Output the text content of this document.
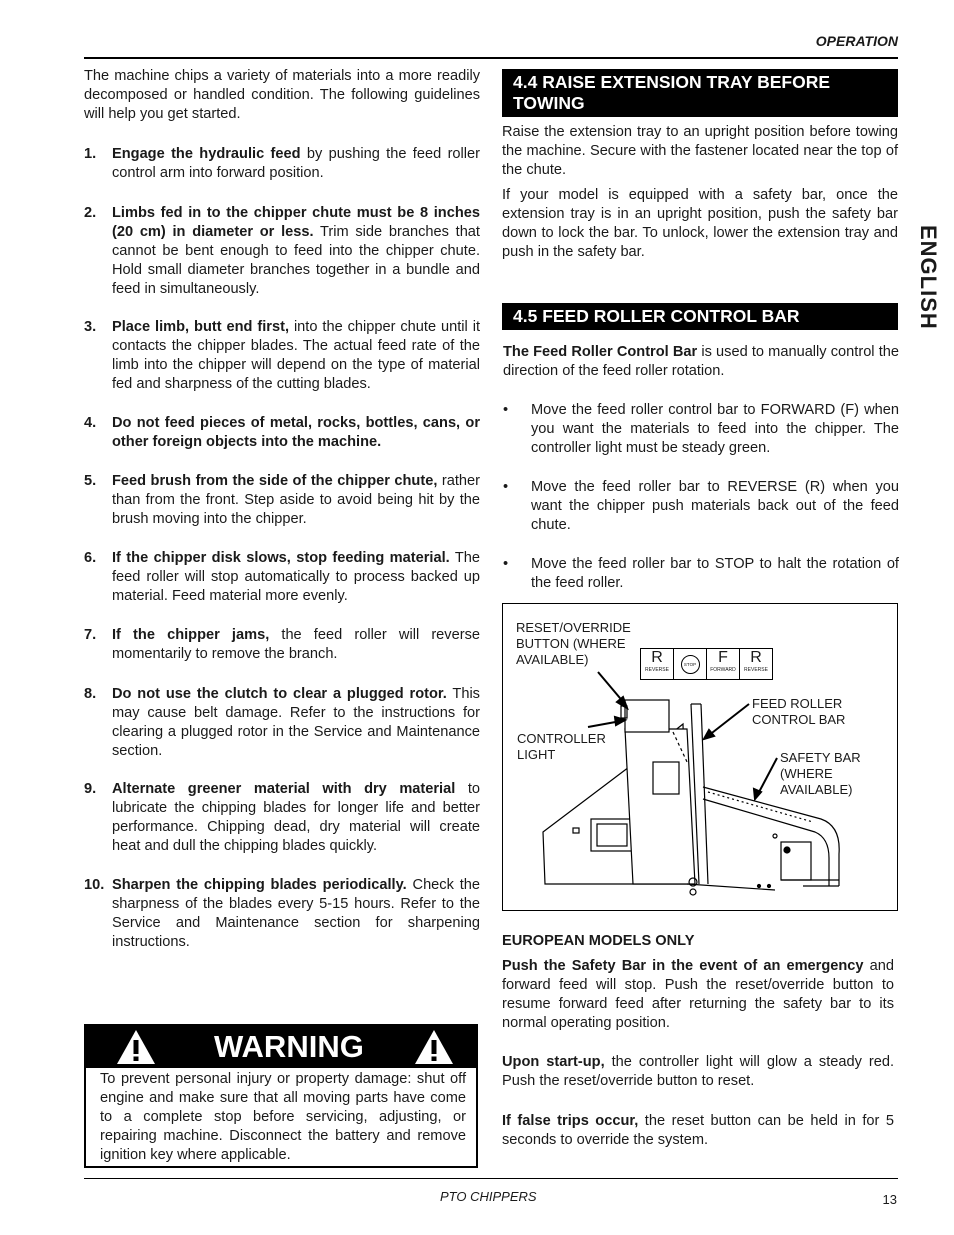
OPERATION
ENGLISH

The machine chips a variety of materials into a more readily decomposed or handled condition. The following guidelines will help you get started.

1. Engage the hydraulic feed by pushing the feed roller control arm into forward position.

2. Limbs fed in to the chipper chute must be 8 inches (20 cm) in diameter or less. Trim side branches that cannot be bent enough to feed into the chipper chute. Hold small diameter branches together in a bundle and feed in simultaneously.

3. Place limb, butt end first, into the chipper chute until it contacts the chipper blades. The actual feed rate of the limb into the chipper will depend on the type of material fed and sharpness of the cutting blades.

4. Do not feed pieces of metal, rocks, bottles, cans, or other foreign objects into the machine.

5. Feed brush from the side of the chipper chute, rather than from the front. Step aside to avoid being hit by the brush moving into the chipper.

6. If the chipper disk slows, stop feeding material. The feed roller will stop automatically to process backed up material. Feed material more evenly.

7. If the chipper jams, the feed roller will reverse momentarily to remove the branch.

8. Do not use the clutch to clear a plugged rotor. This may cause belt damage. Refer to the instructions for clearing a plugged rotor in the Service and Maintenance section.

9. Alternate greener material with dry material to lubricate the chipping blades for longer life and better performance. Chipping dead, dry material will create heat and dull the chipping blades quickly.

10. Sharpen the chipping blades periodically. Check the sharpness of the blades every 5-15 hours. Refer to the Service and Maintenance section for sharpening instructions.

WARNING

To prevent personal injury or property damage: shut off engine and make sure that all moving parts have come to a complete stop before servicing, adjusting, or repairing machine. Disconnect the battery and remove ignition key where applicable.

4.4 RAISE EXTENSION TRAY BEFORE TOWING

Raise the extension tray to an upright position before towing the machine. Secure with the fastener located near the top of the chute.

If your model is equipped with a safety bar, once the extension tray is in an upright position, push the safety bar down to lock the bar. To unlock, lower the extension tray and push in the safety bar.

4.5 FEED ROLLER CONTROL BAR

The Feed Roller Control Bar is used to manually control the direction of the feed roller rotation.

• Move the feed roller control bar to FORWARD (F) when you want the materials to feed into the chipper. The controller light must be steady green.

• Move the feed roller bar to REVERSE (R) when you want the chipper push materials back out of the feed chute.

• Move the feed roller bar to STOP to halt the rotation of the feed roller.

RESET/OVERRIDE
BUTTON (WHERE
AVAILABLE)
CONTROLLER
LIGHT
FEED ROLLER
CONTROL BAR
SAFETY BAR
(WHERE
AVAILABLE)
R
REVERSE
STOP	F
FORWARD
R
REVERSE
EUROPEAN MODELS ONLY

Push the Safety Bar in the event of an emergency and forward feed will stop. Push the reset/override button to resume forward feed after returning the safety bar to its normal operating position.

Upon start-up, the controller light will glow a steady red. Push the reset/override button to reset.

If false trips occur, the reset button can be held in for 5 seconds to override the system.

PTO CHIPPERS	13
